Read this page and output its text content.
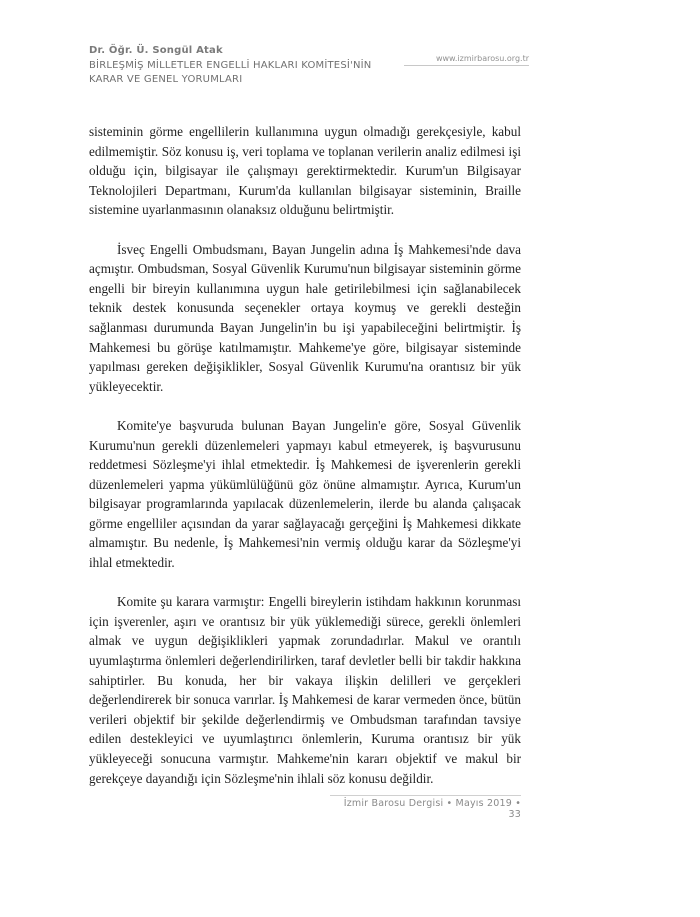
Dr. Öğr. Ü. Songül Atak
BİRLEŞMİŞ MİLLETLER ENGELLİ HAKLARI KOMİTESİ'NİN KARAR VE GENEL YORUMLARI
www.izmirbarosu.org.tr

sisteminin görme engellilerin kullanımına uygun olmadığı gerekçesiyle, kabul edilmemiştir. Söz konusu iş, veri toplama ve toplanan verilerin analiz edilmesi işi olduğu için, bilgisayar ile çalışmayı gerektirmektedir. Kurum'un Bilgisayar Teknolojileri Departmanı, Kurum'da kullanılan bilgisayar sisteminin, Braille sistemine uyarlanmasının olanaksız olduğunu belirtmiştir.

İsveç Engelli Ombudsmanı, Bayan Jungelin adına İş Mahkemesi'nde dava açmıştır. Ombudsman, Sosyal Güvenlik Kurumu'nun bilgisayar sisteminin görme engelli bir bireyin kullanımına uygun hale getirilebilmesi için sağlanabilecek teknik destek konusunda seçenekler ortaya koymuş ve gerekli desteğin sağlanması durumunda Bayan Jungelin'in bu işi yapabileceğini belirtmiştir. İş Mahkemesi bu görüşe katılmamıştır. Mahkeme'ye göre, bilgisayar sisteminde yapılması gereken değişiklikler, Sosyal Güvenlik Kurumu'na orantısız bir yük yükleyecektir.

Komite'ye başvuruda bulunan Bayan Jungelin'e göre, Sosyal Güvenlik Kurumu'nun gerekli düzenlemeleri yapmayı kabul etmeyerek, iş başvurusunu reddetmesi Sözleşme'yi ihlal etmektedir. İş Mahkemesi de işverenlerin gerekli düzenlemeleri yapma yükümlülüğünü göz önüne almamıştır. Ayrıca, Kurum'un bilgisayar programlarında yapılacak düzenlemelerin, ilerde bu alanda çalışacak görme engelliler açısından da yarar sağlayacağı gerçeğini İş Mahkemesi dikkate almamıştır. Bu nedenle, İş Mahkemesi'nin vermiş olduğu karar da Sözleşme'yi ihlal etmektedir.

Komite şu karara varmıştır: Engelli bireylerin istihdam hakkının korunması için işverenler, aşırı ve orantısız bir yük yüklemediği sürece, gerekli önlemleri almak ve uygun değişiklikleri yapmak zorundadırlar. Makul ve orantılı uyumlaştırma önlemleri değerlendirilirken, taraf devletler belli bir takdir hakkına sahiptirler. Bu konuda, her bir vakaya ilişkin delilleri ve gerçekleri değerlendirerek bir sonuca varırlar. İş Mahkemesi de karar vermeden önce, bütün verileri objektif bir şekilde değerlendirmiş ve Ombudsman tarafından tavsiye edilen destekleyici ve uyumlaştırıcı önlemlerin, Kuruma orantısız bir yük yükleyeceği sonucuna varmıştır. Mahkeme'nin kararı objektif ve makul bir gerekçeye dayandığı için Sözleşme'nin ihlali söz konusu değildir.

İzmir Barosu Dergisi • Mayıs 2019 • 33
